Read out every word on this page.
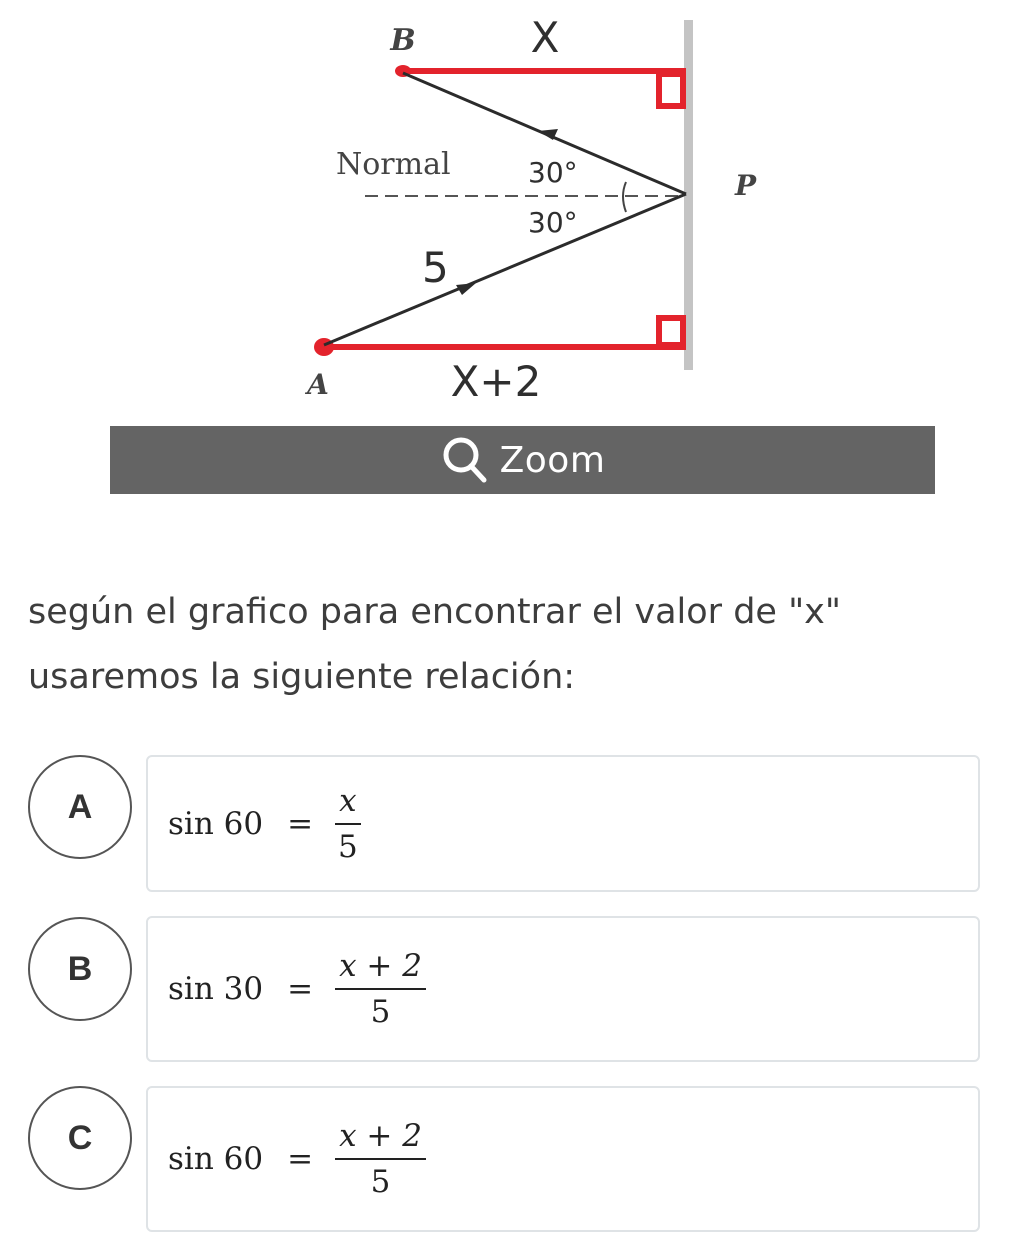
B	X
Normal	30°
30°
P
5
A	X+2
Zoom

según el grafico para encontrar el valor de "x" usaremos la siguiente relación:

A	$\sin 60 = \frac{x}{5}$
B
$\sin 30 = \frac{x + 2}{5}$
C
$\sin 60 = \frac{x + 2}{5}$
